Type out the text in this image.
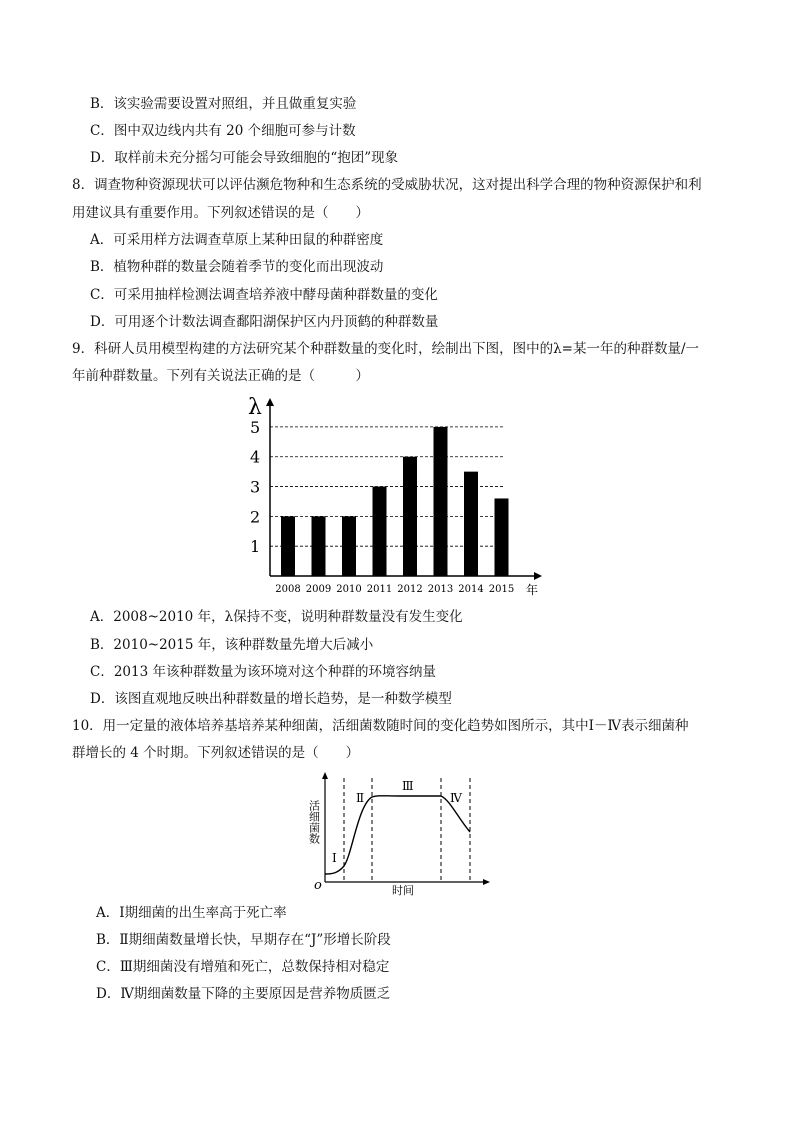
B．该实验需要设置对照组，并且做重复实验
C．图中双边线内共有 20 个细胞可参与计数
D．取样前未充分摇匀可能会导致细胞的“抱团”现象
8．调查物种资源现状可以评估濒危物种和生态系统的受威胁状况，这对提出科学合理的物种资源保护和利
用建议具有重要作用。下列叙述错误的是（　　）
A．可采用样方法调查草原上某种田鼠的种群密度
B．植物种群的数量会随着季节的变化而出现波动
C．可采用抽样检测法调查培养液中酵母菌种群数量的变化
D．可用逐个计数法调查鄱阳湖保护区内丹顶鹤的种群数量
9．科研人员用模型构建的方法研究某个种群数量的变化时，绘制出下图，图中的λ=某一年的种群数量/一
年前种群数量。下列有关说法正确的是（　　　）
λ
年
1
2
3
4
5
2008 2009 2010 2011 2012 2013 2014 2015
A．2008~2010 年，λ保持不变，说明种群数量没有发生变化
B．2010~2015 年，该种群数量先增大后减小
C．2013 年该种群数量为该环境对这个种群的环境容纳量
D．该图直观地反映出种群数量的增长趋势，是一种数学模型
10．用一定量的液体培养基培养某种细菌，活细菌数随时间的变化趋势如图所示，其中Ⅰ－Ⅳ表示细菌种
群增长的 4 个时期。下列叙述错误的是（　　）
活细菌数
o
Ⅰ
Ⅱ
Ⅲ
Ⅳ
时间
A．Ⅰ期细菌的出生率高于死亡率
B．Ⅱ期细菌数量增长快，早期存在“J”形增长阶段
C．Ⅲ期细菌没有增殖和死亡，总数保持相对稳定
D．Ⅳ期细菌数量下降的主要原因是营养物质匮乏
